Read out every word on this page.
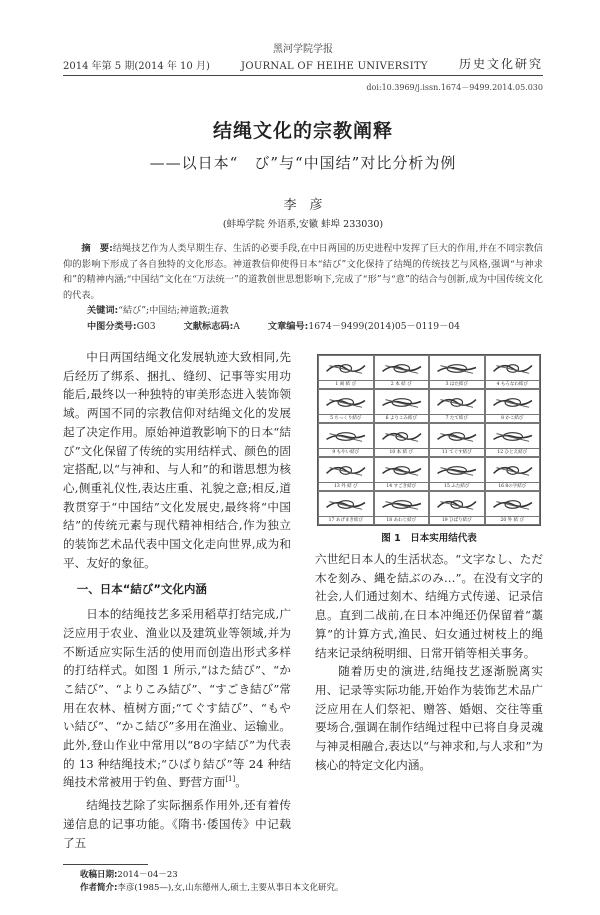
黑河学院学报
2014 年第 5 期(2014 年 10 月)	JOURNAL OF HEIHE UNIVERSITY	历史文化研究
doi:10.3969/j.issn.1674－9499.2014.05.030
结绳文化的宗教阐释
——以日本“　び”与“中国结”对比分析为例
李　彦
(蚌埠学院 外语系,安徽 蚌埠 233030)
摘　要:结绳技艺作为人类早期生存、生活的必要手段,在中日两国的历史进程中发挥了巨大的作用,并在不同宗教信仰的影响下形成了各自独特的文化形态。神道教信仰使得日本“結び”文化保持了结绳的传统技艺与风格,强调“与神求和”的精神内涵;“中国结”文化在“万法统一”的道教创世思想影响下,完成了“形”与“意”的结合与创新,成为中国传统文化的代表。
关键词:“結び”;中国结;神道教;道教
中图分类号:G03	文献标志码:A	文章编号:1674－9499(2014)05－0119－04

中日两国结绳文化发展轨迹大致相同,先后经历了绑系、捆扎、缝纫、记事等实用功能后,最终以一种独特的审美形态进入装饰领域。两国不同的宗教信仰对结绳文化的发展起了决定作用。原始神道教影响下的日本“結び”文化保留了传统的实用结样式、颜色的固定搭配,以“与神和、与人和”的和谐思想为核心,侧重礼仪性,表达庄重、礼貌之意;相反,道教贯穿于“中国结”文化发展史,最终将“中国结”的传统元素与现代精神相结合,作为独立的装饰艺术品代表中国文化走向世界,成为和平、友好的象征。

一、日本“結び”文化内涵

日本的结绳技艺多采用稻草打结完成,广泛应用于农业、渔业以及建筑业等领域,并为不断适应实际生活的使用而创造出形式多样的打结样式。如图 1 所示,“はた結び”、“かこ結び”、“よりこみ結び”、“すごき結び”常用在农林、植树方面;“てぐす結び”、“もやい結び”、“かこ結び”多用在渔业、运输业。此外,登山作业中常用以“8の字結び”为代表的 13 种结绳技术;“ひばり結び”等 24 种结绳技术常被用于钓鱼、野营方面[1]。

结绳技艺除了实际捆系作用外,还有着传递信息的记事功能。《隋书·倭国传》中记载了五

1 両 結 び	2 本 結 び	3 はた結び	4 もろなわ結び
5 ちっくり結び	6 よりこみ結び	7 たて結び	8 かこ結び
9 もやい結び	10 本 結 び	11 てぐす結び	12 ひとえ結び
13 外 結 び	14 すごき結び	15 ふた結び	16 8の字結び
17 あげまき結び	18 あわじ結び	19 ひばり結び	20 外 結 び
图 1　日本实用结代表

六世纪日本人的生活状态。“文字なし、ただ木を刻み、縄を結ぶのみ…”。在没有文字的社会,人们通过刻木、结绳方式传递、记录信息。直到二战前,在日本冲绳还仍保留着“藁算”的计算方式,渔民、妇女通过树枝上的绳结来记录纳税明细、日常开销等相关事务。

随着历史的演进,结绳技艺逐渐脱离实用、记录等实际功能,开始作为装饰艺术品广泛应用在人们祭祀、赠答、婚姻、交往等重要场合,强调在制作结绳过程中已将自身灵魂与神灵相融合,表达以“与神求和,与人求和”为核心的特定文化内涵。

收稿日期:2014－04－23
作者简介:李彦(1985—),女,山东德州人,硕士,主要从事日本文化研究。
